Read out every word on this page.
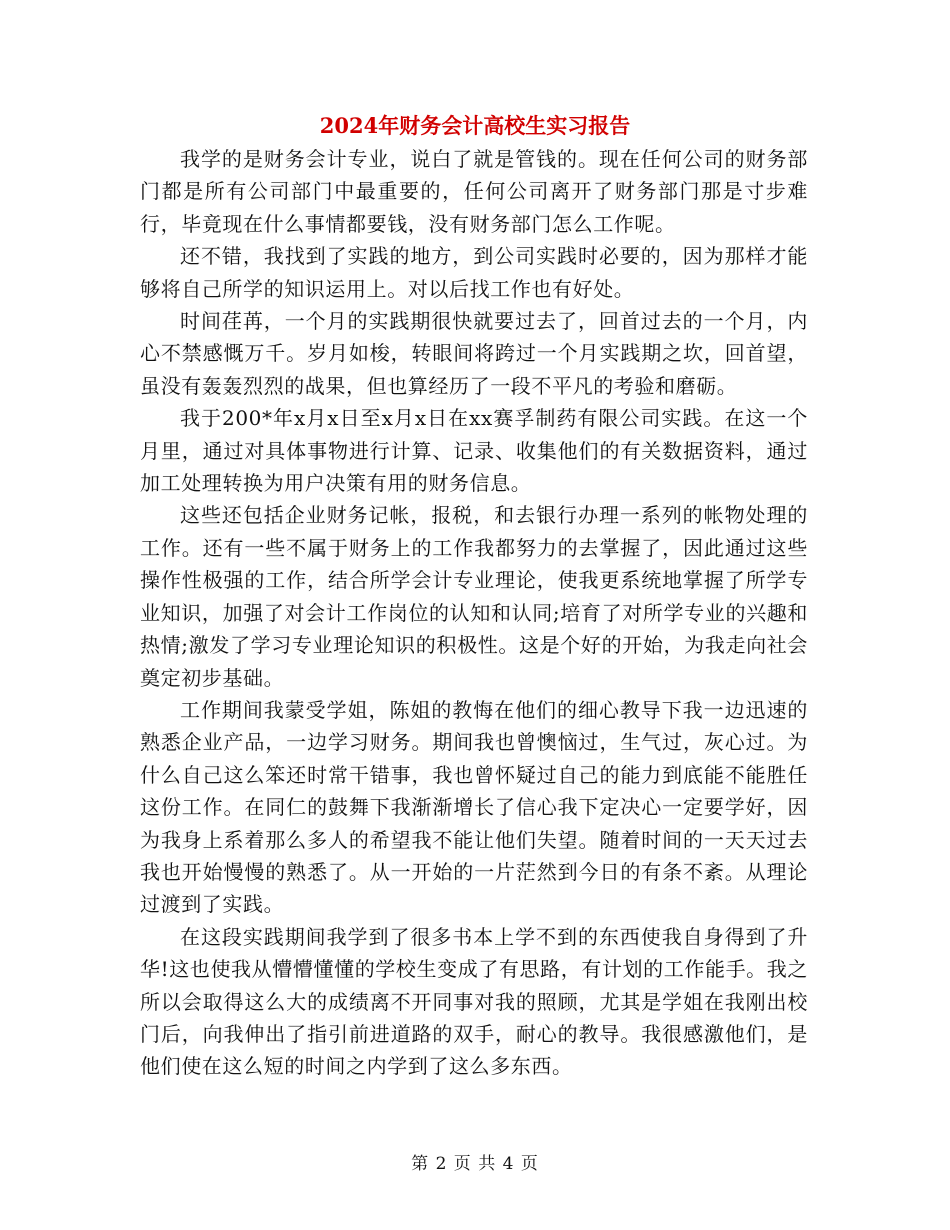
2024年财务会计高校生实习报告

我学的是财务会计专业，说白了就是管钱的。现在任何公司的财务部门都是所有公司部门中最重要的，任何公司离开了财务部门那是寸步难行，毕竟现在什么事情都要钱，没有财务部门怎么工作呢。

还不错，我找到了实践的地方，到公司实践时必要的，因为那样才能够将自己所学的知识运用上。对以后找工作也有好处。

时间荏苒，一个月的实践期很快就要过去了，回首过去的一个月，内心不禁感慨万千。岁月如梭，转眼间将跨过一个月实践期之坎，回首望，虽没有轰轰烈烈的战果，但也算经历了一段不平凡的考验和磨砺。

我于200*年x月x日至x月x日在xx赛孚制药有限公司实践。在这一个月里，通过对具体事物进行计算、记录、收集他们的有关数据资料，通过加工处理转换为用户决策有用的财务信息。

这些还包括企业财务记帐，报税，和去银行办理一系列的帐物处理的工作。还有一些不属于财务上的工作我都努力的去掌握了，因此通过这些操作性极强的工作，结合所学会计专业理论，使我更系统地掌握了所学专业知识，加强了对会计工作岗位的认知和认同;培育了对所学专业的兴趣和热情;激发了学习专业理论知识的积极性。这是个好的开始，为我走向社会奠定初步基础。

工作期间我蒙受学姐，陈姐的教悔在他们的细心教导下我一边迅速的熟悉企业产品，一边学习财务。期间我也曾懊恼过，生气过，灰心过。为什么自己这么笨还时常干错事，我也曾怀疑过自己的能力到底能不能胜任这份工作。在同仁的鼓舞下我渐渐增长了信心我下定决心一定要学好，因为我身上系着那么多人的希望我不能让他们失望。随着时间的一天天过去我也开始慢慢的熟悉了。从一开始的一片茫然到今日的有条不紊。从理论过渡到了实践。

在这段实践期间我学到了很多书本上学不到的东西使我自身得到了升华!这也使我从懵懵懂懂的学校生变成了有思路，有计划的工作能手。我之所以会取得这么大的成绩离不开同事对我的照顾，尤其是学姐在我刚出校门后，向我伸出了指引前进道路的双手，耐心的教导。我很感激他们，是他们使在这么短的时间之内学到了这么多东西。

第 2 页 共 4 页
